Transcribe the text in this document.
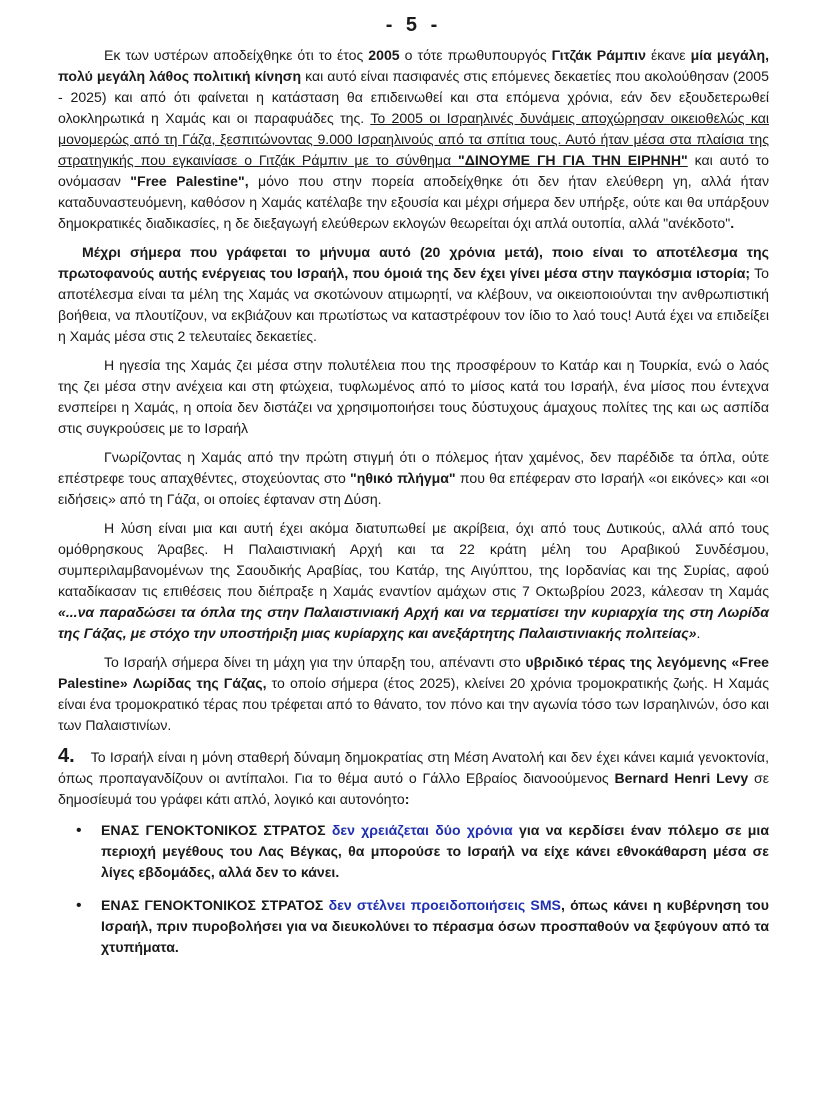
- 5 -

Εκ των υστέρων αποδείχθηκε ότι το έτος 2005 ο τότε πρωθυπουργός Γιτζάκ Ράμπιν έκανε μία μεγάλη, πολύ μεγάλη λάθος πολιτική κίνηση και αυτό είναι πασιφανές στις επόμενες δεκαετίες που ακολούθησαν (2005 - 2025) και από ότι φαίνεται η κατάσταση θα επιδεινωθεί και στα επόμενα χρόνια, εάν δεν εξουδετερωθεί ολοκληρωτικά η Χαμάς και οι παραφυάδες της. Το 2005 οι Ισραηλινές δυνάμεις αποχώρησαν οικειοθελώς και μονομερώς από τη Γάζα, ξεσπιτώνοντας 9.000 Ισραηλινούς από τα σπίτια τους. Αυτό ήταν μέσα στα πλαίσια της στρατηγικής που εγκαινίασε ο Γιτζάκ Ράμπιν με το σύνθημα "ΔΙΝΟΥΜΕ ΓΗ ΓΙΑ ΤΗΝ ΕΙΡΗΝΗ" και αυτό το ονόμασαν "Free Palestine", μόνο που στην πορεία αποδείχθηκε ότι δεν ήταν ελεύθερη γη, αλλά ήταν καταδυναστευόμενη, καθόσον η Χαμάς κατέλαβε την εξουσία και μέχρι σήμερα δεν υπήρξε, ούτε και θα υπάρξουν δημοκρατικές διαδικασίες, η δε διεξαγωγή ελεύθερων εκλογών θεωρείται όχι απλά ουτοπία, αλλά "ανέκδοτο".

Μέχρι σήμερα που γράφεται το μήνυμα αυτό (20 χρόνια μετά), ποιο είναι το αποτέλεσμα της πρωτοφανούς αυτής ενέργειας του Ισραήλ, που όμοιά της δεν έχει γίνει μέσα στην παγκόσμια ιστορία; Το αποτέλεσμα είναι τα μέλη της Χαμάς να σκοτώνουν ατιμωρητί, να κλέβουν, να οικειοποιούνται την ανθρωπιστική βοήθεια, να πλουτίζουν, να εκβιάζουν και πρωτίστως να καταστρέφουν τον ίδιο το λαό τους! Αυτά έχει να επιδείξει η Χαμάς μέσα στις 2 τελευταίες δεκαετίες.

Η ηγεσία της Χαμάς ζει μέσα στην πολυτέλεια που της προσφέρουν το Κατάρ και η Τουρκία, ενώ ο λαός της ζει μέσα στην ανέχεια και στη φτώχεια, τυφλωμένος από το μίσος κατά του Ισραήλ, ένα μίσος που έντεχνα ενσπείρει η Χαμάς, η οποία δεν διστάζει να χρησιμοποιήσει τους δύστυχους άμαχους πολίτες της και ως ασπίδα στις συγκρούσεις με το Ισραήλ

Γνωρίζοντας η Χαμάς από την πρώτη στιγμή ότι ο πόλεμος ήταν χαμένος, δεν παρέδιδε τα όπλα, ούτε επέστρεφε τους απαχθέντες, στοχεύοντας στο "ηθικό πλήγμα" που θα επέφεραν στο Ισραήλ «οι εικόνες» και «οι ειδήσεις» από τη Γάζα, οι οποίες έφταναν στη Δύση.

Η λύση είναι μια και αυτή έχει ακόμα διατυπωθεί με ακρίβεια, όχι από τους Δυτικούς, αλλά από τους ομόθρησκους Άραβες. Η Παλαιστινιακή Αρχή και τα 22 κράτη μέλη του Αραβικού Συνδέσμου, συμπεριλαμβανομένων της Σαουδικής Αραβίας, του Κατάρ, της Αιγύπτου, της Ιορδανίας και της Συρίας, αφού καταδίκασαν τις επιθέσεις που διέπραξε η Χαμάς εναντίον αμάχων στις 7 Οκτωβρίου 2023, κάλεσαν τη Χαμάς «...να παραδώσει τα όπλα της στην Παλαιστινιακή Αρχή και να τερματίσει την κυριαρχία της στη Λωρίδα της Γάζας, με στόχο την υποστήριξη μιας κυρίαρχης και ανεξάρτητης Παλαιστινιακής πολιτείας».

Το Ισραήλ σήμερα δίνει τη μάχη για την ύπαρξη του, απέναντι στο υβριδικό τέρας της λεγόμενης «Free Palestine» Λωρίδας της Γάζας, το οποίο σήμερα (έτος 2025), κλείνει 20 χρόνια τρομοκρατικής ζωής. Η Χαμάς είναι ένα τρομοκρατικό τέρας που τρέφεται από το θάνατο, τον πόνο και την αγωνία τόσο των Ισραηλινών, όσο και των Παλαιστινίων.

4. Το Ισραήλ είναι η μόνη σταθερή δύναμη δημοκρατίας στη Μέση Ανατολή και δεν έχει κάνει καμιά γενοκτονία, όπως προπαγανδίζουν οι αντίπαλοι. Για το θέμα αυτό ο Γάλλο Εβραίος διανοούμενος Bernard Henri Levy σε δημοσίευμά του γράφει κάτι απλό, λογικό και αυτονόητο:

• ΕΝΑΣ ΓΕΝΟΚΤΟΝΙΚΟΣ ΣΤΡΑΤΟΣ δεν χρειάζεται δύο χρόνια για να κερδίσει έναν πόλεμο σε μια περιοχή μεγέθους του Λας Βέγκας, θα μπορούσε το Ισραήλ να είχε κάνει εθνοκάθαρση μέσα σε λίγες εβδομάδες, αλλά δεν το κάνει.

• ΕΝΑΣ ΓΕΝΟΚΤΟΝΙΚΟΣ ΣΤΡΑΤΟΣ δεν στέλνει προειδοποιήσεις SMS, όπως κάνει η κυβέρνηση του Ισραήλ, πριν πυροβολήσει για να διευκολύνει το πέρασμα όσων προσπαθούν να ξεφύγουν από τα χτυπήματα.
